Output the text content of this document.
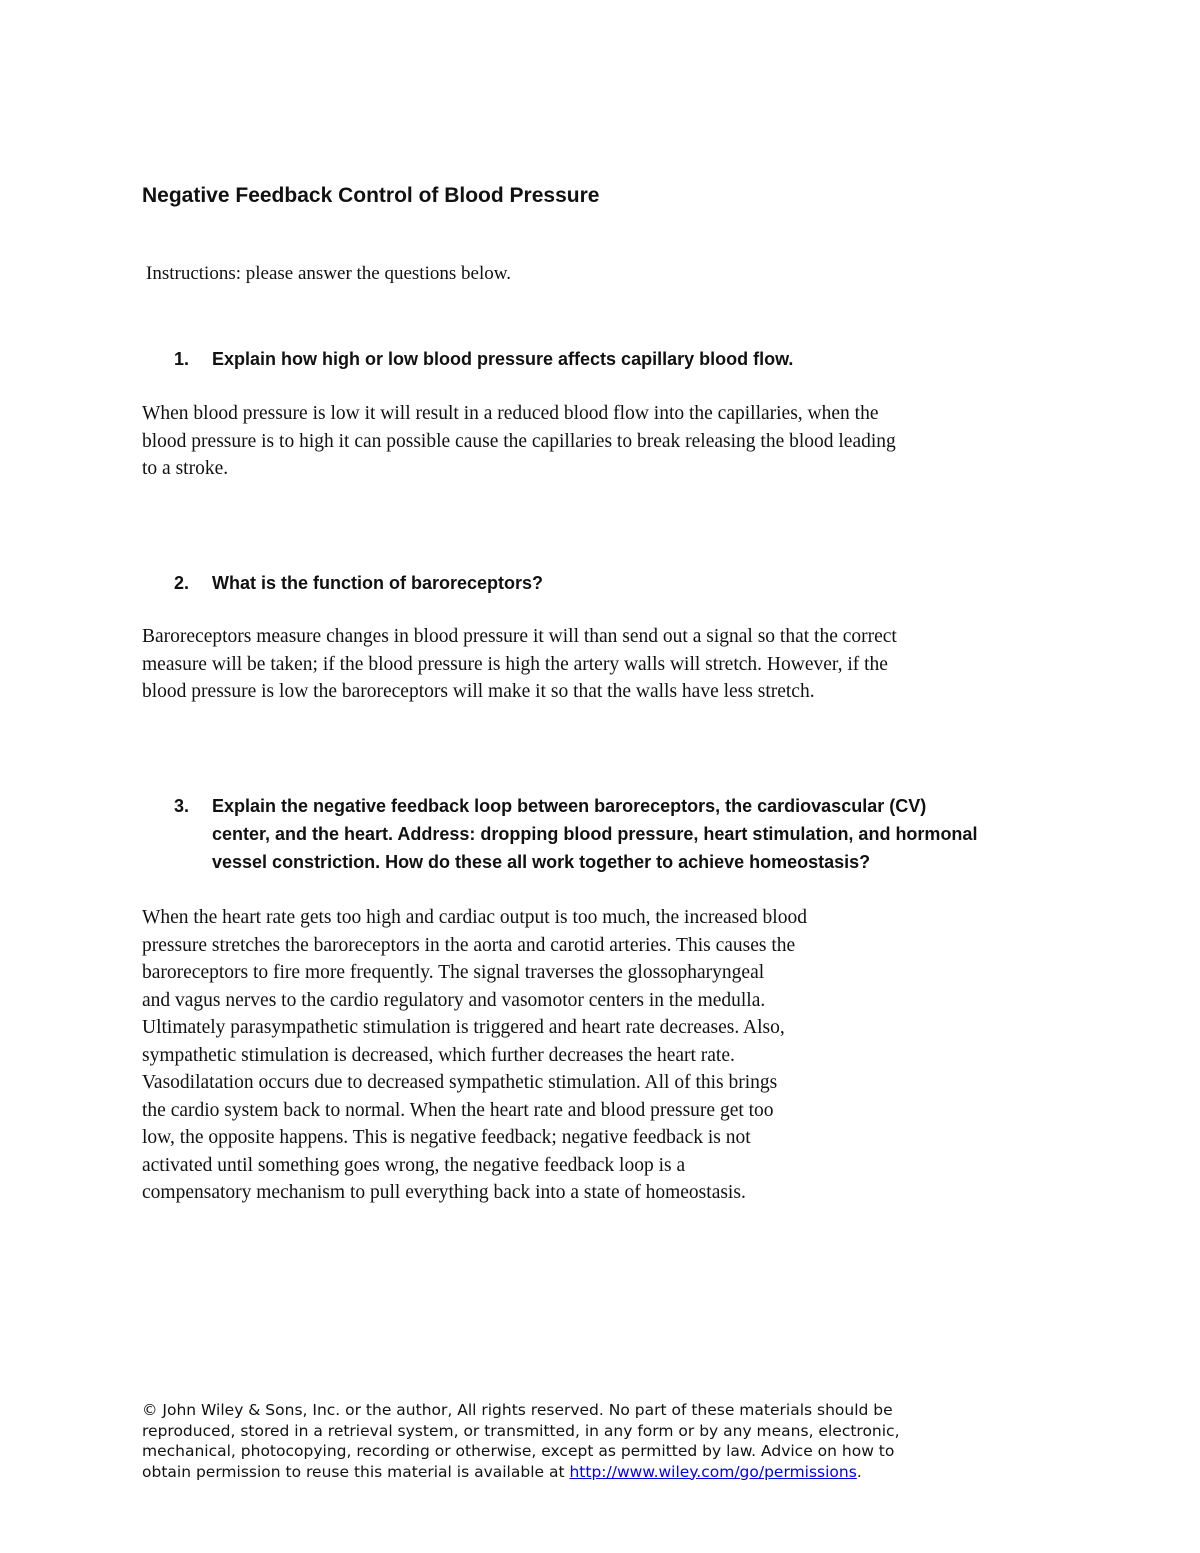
Negative Feedback Control of Blood Pressure
Instructions: please answer the questions below.
1.	Explain how high or low blood pressure affects capillary blood flow.
When blood pressure is low it will result in a reduced blood flow into the capillaries, when the
blood pressure is to high it can possible cause the capillaries to break releasing the blood leading
to a stroke.
2.	What is the function of baroreceptors?
Baroreceptors measure changes in blood pressure it will than send out a signal so that the correct
measure will be taken; if the blood pressure is high the artery walls will stretch. However, if the
blood pressure is low the baroreceptors will make it so that the walls have less stretch.
3.	Explain the negative feedback loop between baroreceptors, the cardiovascular (CV)
center, and the heart. Address: dropping blood pressure, heart stimulation, and hormonal
vessel constriction. How do these all work together to achieve homeostasis?
When the heart rate gets too high and cardiac output is too much, the increased blood
pressure stretches the baroreceptors in the aorta and carotid arteries. This causes the
baroreceptors to fire more frequently. The signal traverses the glossopharyngeal
and vagus nerves to the cardio regulatory and vasomotor centers in the medulla.
Ultimately parasympathetic stimulation is triggered and heart rate decreases. Also,
sympathetic stimulation is decreased, which further decreases the heart rate.
Vasodilatation occurs due to decreased sympathetic stimulation. All of this brings
the cardio system back to normal. When the heart rate and blood pressure get too
low, the opposite happens. This is negative feedback; negative feedback is not
activated until something goes wrong, the negative feedback loop is a
compensatory mechanism to pull everything back into a state of homeostasis.
© John Wiley & Sons, Inc. or the author, All rights reserved. No part of these materials should be
reproduced, stored in a retrieval system, or transmitted, in any form or by any means, electronic,
mechanical, photocopying, recording or otherwise, except as permitted by law. Advice on how to
obtain permission to reuse this material is available at http://www.wiley.com/go/permissions.
